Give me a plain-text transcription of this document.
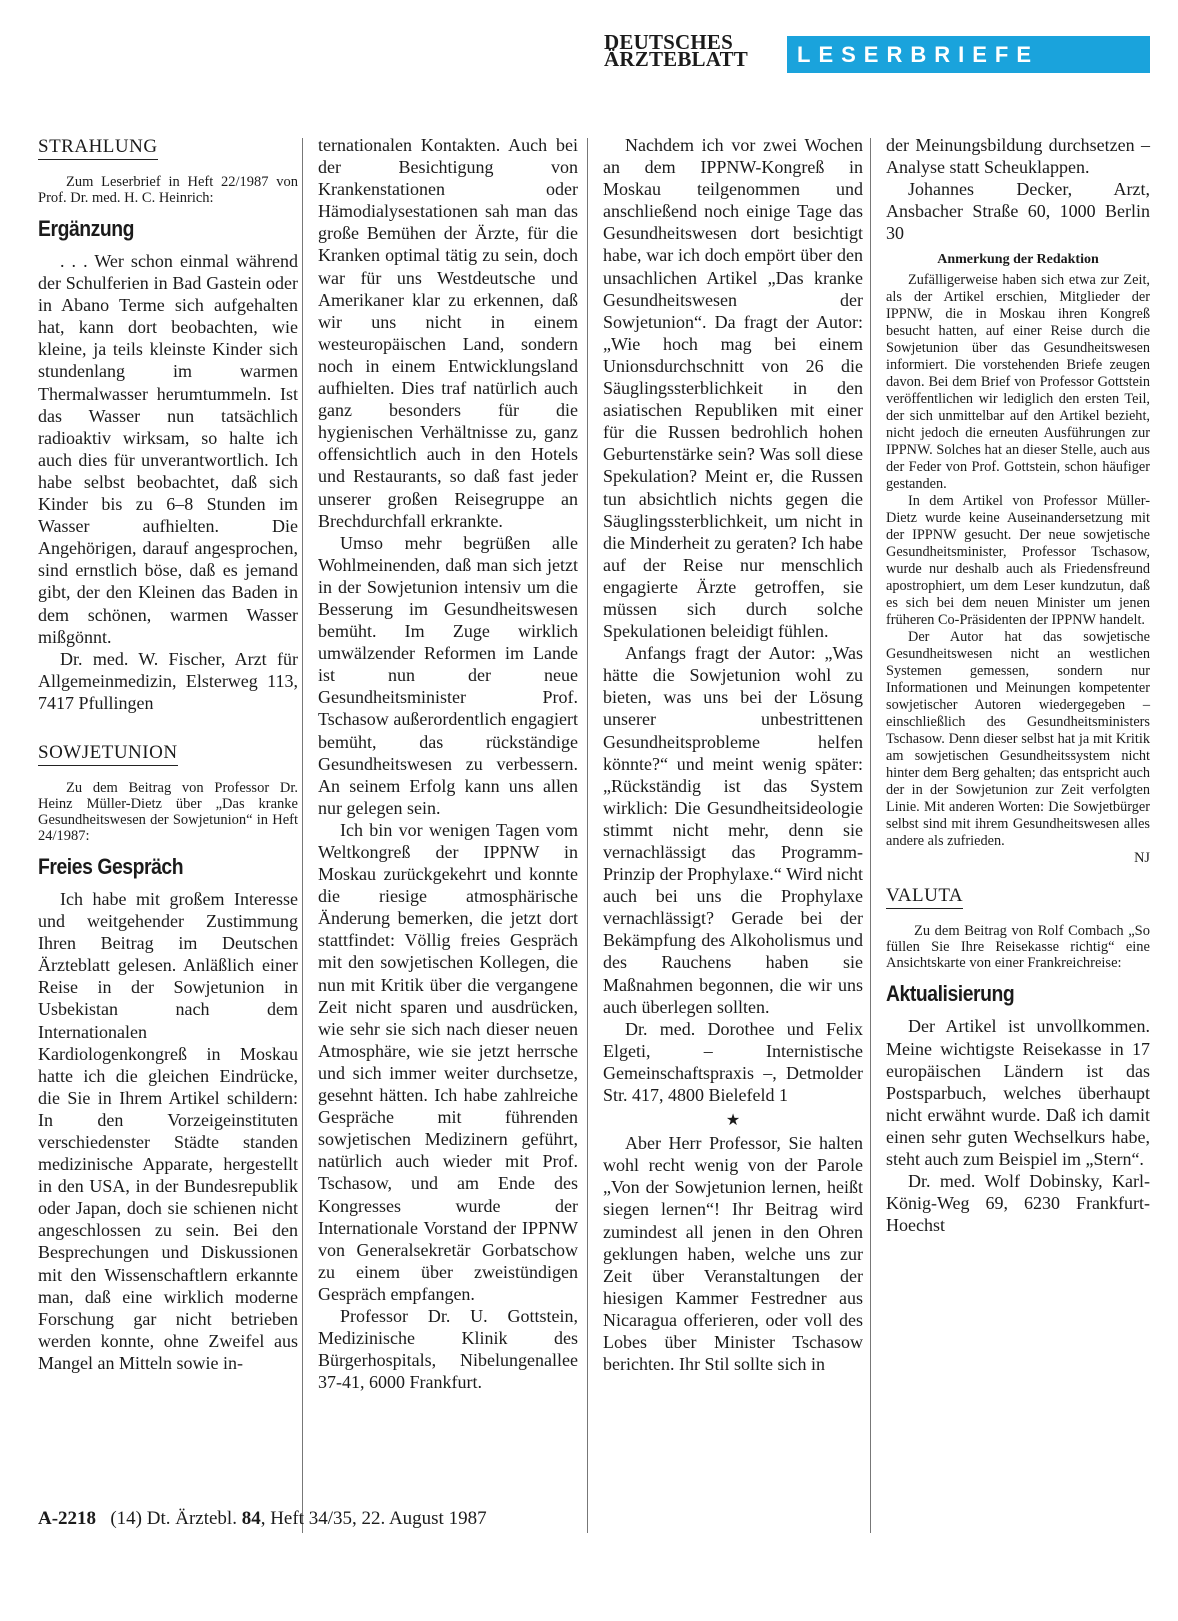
DEUTSCHES
ÄRZTEBLATT	LESERBRIEFE
STRAHLUNG

Zum Leserbrief in Heft 22/1987 von Prof. Dr. med. H. C. Heinrich:

Ergänzung

. . . Wer schon einmal während der Schulferien in Bad Gastein oder in Abano Terme sich aufgehalten hat, kann dort beobachten, wie kleine, ja teils kleinste Kinder sich stundenlang im warmen Thermalwasser herumtummeln. Ist das Wasser nun tatsächlich radioaktiv wirksam, so halte ich auch dies für unverantwortlich. Ich habe selbst beobachtet, daß sich Kinder bis zu 6–8 Stunden im Wasser aufhielten. Die Angehörigen, darauf angesprochen, sind ernstlich böse, daß es jemand gibt, der den Kleinen das Baden in dem schönen, warmen Wasser mißgönnt.

Dr. med. W. Fischer, Arzt für Allgemeinmedizin, Elsterweg 113, 7417 Pfullingen

SOWJETUNION

Zu dem Beitrag von Professor Dr. Heinz Müller-Dietz über „Das kranke Gesundheitswesen der Sowjetunion“ in Heft 24/1987:

Freies Gespräch

Ich habe mit großem Interesse und weitgehender Zustimmung Ihren Beitrag im Deutschen Ärzteblatt gelesen. Anläßlich einer Reise in der Sowjetunion in Usbekistan nach dem Internationalen Kardiologenkongreß in Moskau hatte ich die gleichen Eindrücke, die Sie in Ihrem Artikel schildern: In den Vorzeigeinstituten verschiedenster Städte standen medizinische Apparate, hergestellt in den USA, in der Bundesrepublik oder Japan, doch sie schienen nicht angeschlossen zu sein. Bei den Besprechungen und Diskussionen mit den Wissenschaftlern erkannte man, daß eine wirklich moderne Forschung gar nicht betrieben werden konnte, ohne Zweifel aus Mangel an Mitteln sowie in-

ternationalen Kontakten. Auch bei der Besichtigung von Krankenstationen oder Hämodialysestationen sah man das große Bemühen der Ärzte, für die Kranken optimal tätig zu sein, doch war für uns Westdeutsche und Amerikaner klar zu erkennen, daß wir uns nicht in einem westeuropäischen Land, sondern noch in einem Entwicklungsland aufhielten. Dies traf natürlich auch ganz besonders für die hygienischen Verhältnisse zu, ganz offensichtlich auch in den Hotels und Restaurants, so daß fast jeder unserer großen Reisegruppe an Brechdurchfall erkrankte.

Umso mehr begrüßen alle Wohlmeinenden, daß man sich jetzt in der Sowjetunion intensiv um die Besserung im Gesundheitswesen bemüht. Im Zuge wirklich umwälzender Reformen im Lande ist nun der neue Gesundheitsminister Prof. Tschasow außerordentlich engagiert bemüht, das rückständige Gesundheitswesen zu verbessern. An seinem Erfolg kann uns allen nur gelegen sein.

Ich bin vor wenigen Tagen vom Weltkongreß der IPPNW in Moskau zurückgekehrt und konnte die riesige atmosphärische Änderung bemerken, die jetzt dort stattfindet: Völlig freies Gespräch mit den sowjetischen Kollegen, die nun mit Kritik über die vergangene Zeit nicht sparen und ausdrücken, wie sehr sie sich nach dieser neuen Atmosphäre, wie sie jetzt herrsche und sich immer weiter durchsetze, gesehnt hätten. Ich habe zahlreiche Gespräche mit führenden sowjetischen Medizinern geführt, natürlich auch wieder mit Prof. Tschasow, und am Ende des Kongresses wurde der Internationale Vorstand der IPPNW von Generalsekretär Gorbatschow zu einem über zweistündigen Gespräch empfangen.

Professor Dr. U. Gottstein, Medizinische Klinik des Bürgerhospitals, Nibelungenallee 37-41, 6000 Frankfurt.

Nachdem ich vor zwei Wochen an dem IPPNW-Kongreß in Moskau teilgenommen und anschließend noch einige Tage das Gesundheitswesen dort besichtigt habe, war ich doch empört über den unsachlichen Artikel „Das kranke Gesundheitswesen der Sowjetunion“. Da fragt der Autor: „Wie hoch mag bei einem Unionsdurchschnitt von 26 die Säuglingssterblichkeit in den asiatischen Republiken mit einer für die Russen bedrohlich hohen Geburtenstärke sein? Was soll diese Spekulation? Meint er, die Russen tun absichtlich nichts gegen die Säuglingssterblichkeit, um nicht in die Minderheit zu geraten? Ich habe auf der Reise nur menschlich engagierte Ärzte getroffen, sie müssen sich durch solche Spekulationen beleidigt fühlen.

Anfangs fragt der Autor: „Was hätte die Sowjetunion wohl zu bieten, was uns bei der Lösung unserer unbestrittenen Gesundheitsprobleme helfen könnte?“ und meint wenig später: „Rückständig ist das System wirklich: Die Gesundheitsideologie stimmt nicht mehr, denn sie vernachlässigt das Programm-Prinzip der Prophylaxe.“ Wird nicht auch bei uns die Prophylaxe vernachlässigt? Gerade bei der Bekämpfung des Alkoholismus und des Rauchens haben sie Maßnahmen begonnen, die wir uns auch überlegen sollten.

Dr. med. Dorothee und Felix Elgeti, – Internistische Gemeinschaftspraxis –, Detmolder Str. 417, 4800 Bielefeld 1

★

Aber Herr Professor, Sie halten wohl recht wenig von der Parole „Von der Sowjetunion lernen, heißt siegen lernen“! Ihr Beitrag wird zumindest all jenen in den Ohren geklungen haben, welche uns zur Zeit über Veranstaltungen der hiesigen Kammer Festredner aus Nicaragua offerieren, oder voll des Lobes über Minister Tschasow berichten. Ihr Stil sollte sich in

der Meinungsbildung durchsetzen – Analyse statt Scheuklappen.

Johannes Decker, Arzt, Ansbacher Straße 60, 1000 Berlin 30

Anmerkung der Redaktion

Zufälligerweise haben sich etwa zur Zeit, als der Artikel erschien, Mitglieder der IPPNW, die in Moskau ihren Kongreß besucht hatten, auf einer Reise durch die Sowjetunion über das Gesundheitswesen informiert. Die vorstehenden Briefe zeugen davon. Bei dem Brief von Professor Gottstein veröffentlichen wir lediglich den ersten Teil, der sich unmittelbar auf den Artikel bezieht, nicht jedoch die erneuten Ausführungen zur IPPNW. Solches hat an dieser Stelle, auch aus der Feder von Prof. Gottstein, schon häufiger gestanden.

In dem Artikel von Professor Müller-Dietz wurde keine Auseinandersetzung mit der IPPNW gesucht. Der neue sowjetische Gesundheitsminister, Professor Tschasow, wurde nur deshalb auch als Friedensfreund apostrophiert, um dem Leser kundzutun, daß es sich bei dem neuen Minister um jenen früheren Co-Präsidenten der IPPNW handelt.

Der Autor hat das sowjetische Gesundheitswesen nicht an westlichen Systemen gemessen, sondern nur Informationen und Meinungen kompetenter sowjetischer Autoren wiedergegeben – einschließlich des Gesundheitsministers Tschasow. Denn dieser selbst hat ja mit Kritik am sowjetischen Gesundheitssystem nicht hinter dem Berg gehalten; das entspricht auch der in der Sowjetunion zur Zeit verfolgten Linie. Mit anderen Worten: Die Sowjetbürger selbst sind mit ihrem Gesundheitswesen alles andere als zufrieden.

NJ
VALUTA

Zu dem Beitrag von Rolf Combach „So füllen Sie Ihre Reisekasse richtig“ eine Ansichtskarte von einer Frankreichreise:

Aktualisierung

Der Artikel ist unvollkommen. Meine wichtigste Reisekasse in 17 europäischen Ländern ist das Postsparbuch, welches überhaupt nicht erwähnt wurde. Daß ich damit einen sehr guten Wechselkurs habe, steht auch zum Beispiel im „Stern“.

Dr. med. Wolf Dobinsky, Karl-König-Weg 69, 6230 Frankfurt-Hoechst

A-2218 (14) Dt. Ärztebl. 84, Heft 34/35, 22. August 1987
